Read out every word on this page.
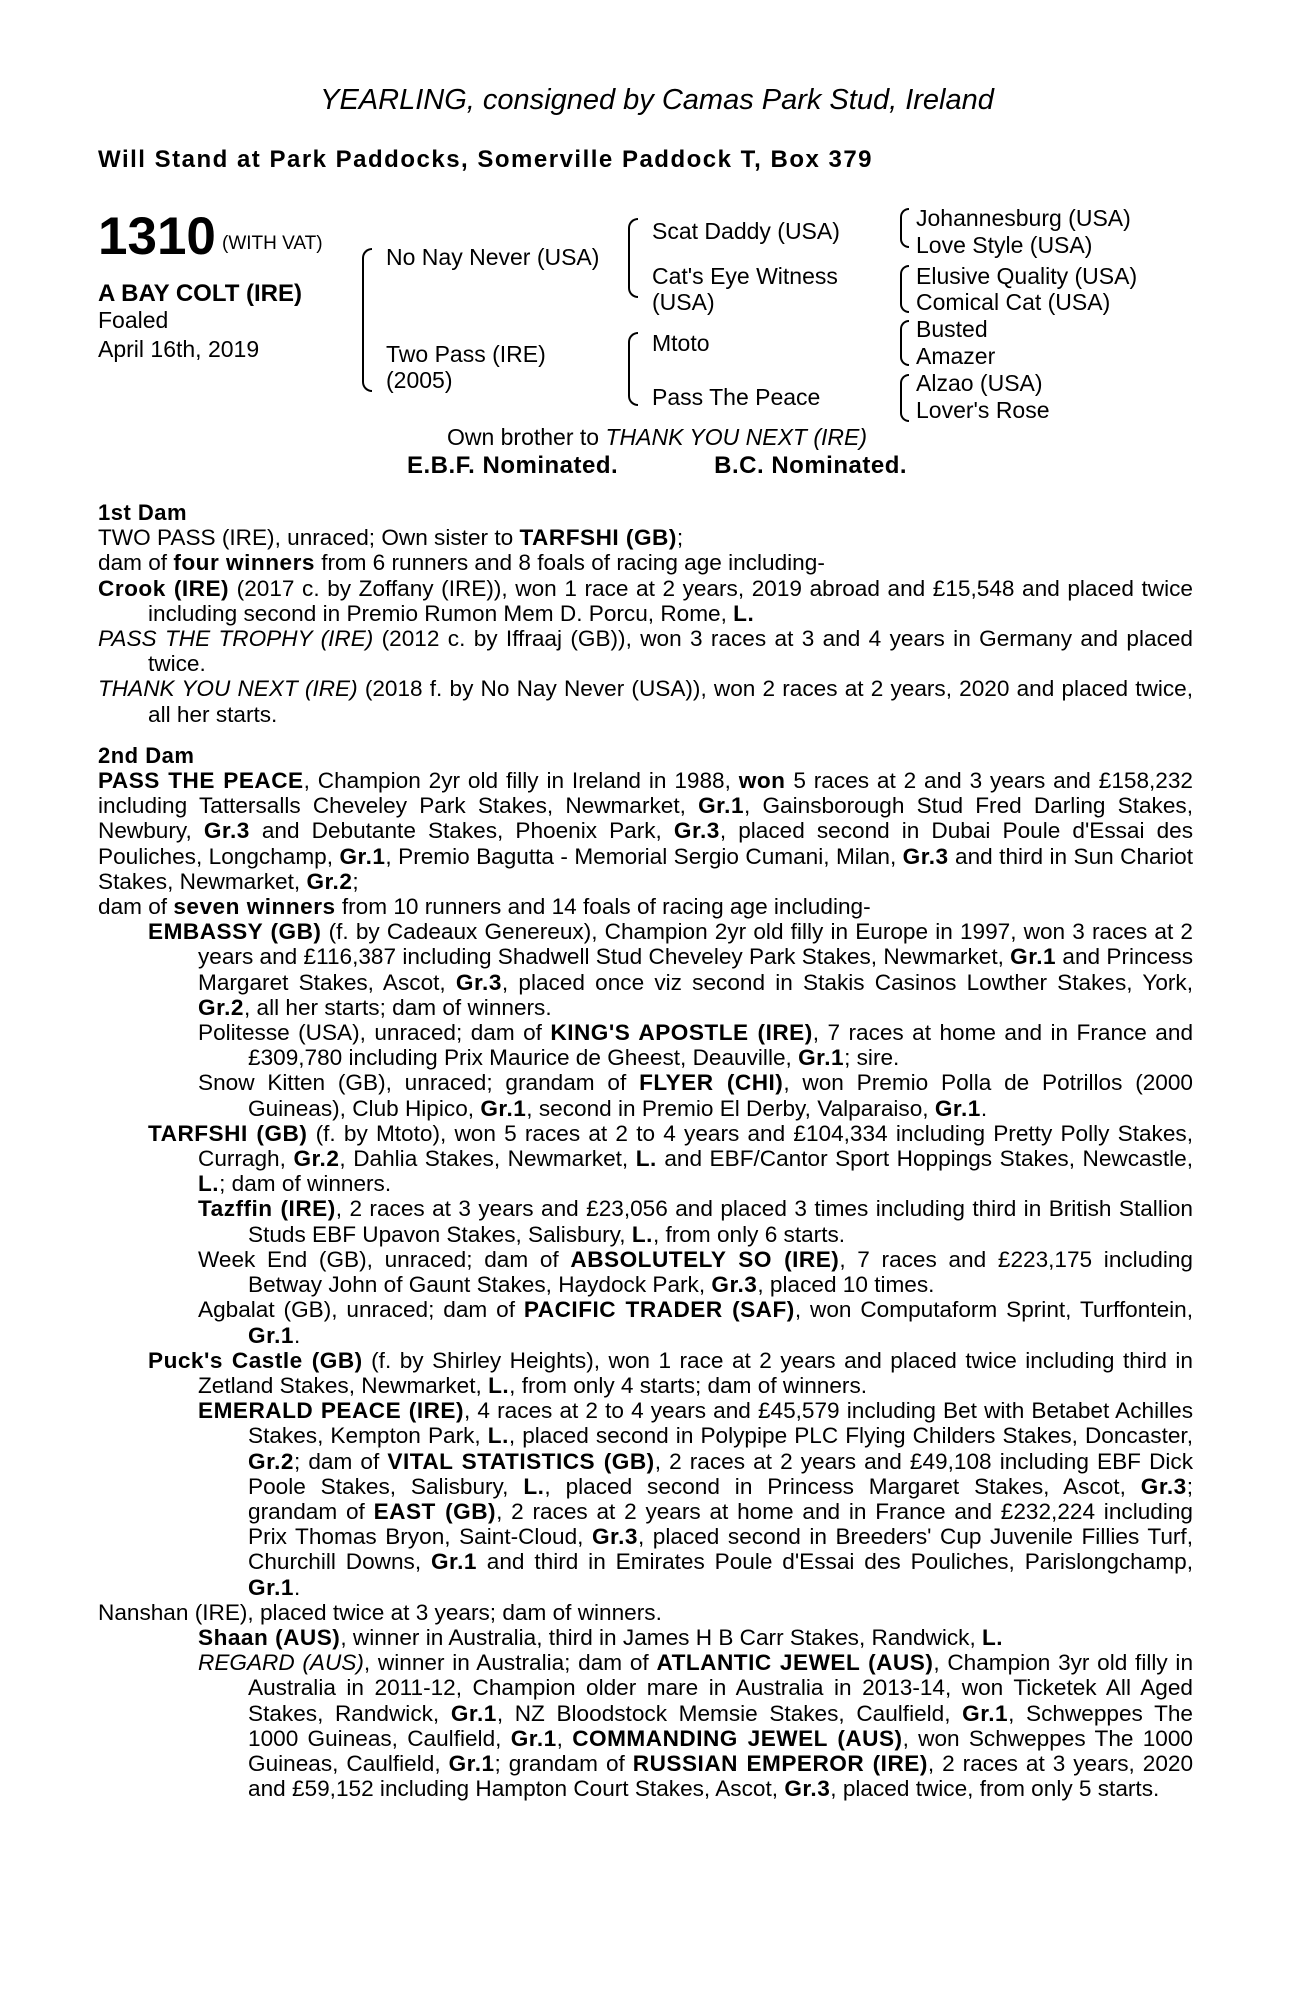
YEARLING, consigned by Camas Park Stud, Ireland
Will Stand at Park Paddocks, Somerville Paddock T, Box 379
1310 (WITH VAT)
A BAY COLT (IRE)
Foaled
April 16th, 2019
No Nay Never (USA)
Two Pass (IRE)
(2005)
Scat Daddy (USA)
Cat's Eye Witness
(USA)
Mtoto
Pass The Peace
Johannesburg (USA)
Love Style (USA)
Elusive Quality (USA)
Comical Cat (USA)
Busted
Amazer
Alzao (USA)
Lover's Rose
Own brother to THANK YOU NEXT (IRE)
E.B.F. Nominated.	B.C. Nominated.
1st Dam
TWO PASS (IRE), unraced; Own sister to TARFSHI (GB);
dam of four winners from 6 runners and 8 foals of racing age including-
Crook (IRE) (2017 c. by Zoffany (IRE)), won 1 race at 2 years, 2019 abroad and £15,548 and placed twice including second in Premio Rumon Mem D. Porcu, Rome, L.
PASS THE TROPHY (IRE) (2012 c. by Iffraaj (GB)), won 3 races at 3 and 4 years in Germany and placed twice.
THANK YOU NEXT (IRE) (2018 f. by No Nay Never (USA)), won 2 races at 2 years, 2020 and placed twice, all her starts.
2nd Dam
PASS THE PEACE, Champion 2yr old filly in Ireland in 1988, won 5 races at 2 and 3 years and £158,232 including Tattersalls Cheveley Park Stakes, Newmarket, Gr.1, Gainsborough Stud Fred Darling Stakes, Newbury, Gr.3 and Debutante Stakes, Phoenix Park, Gr.3, placed second in Dubai Poule d'Essai des Pouliches, Longchamp, Gr.1, Premio Bagutta - Memorial Sergio Cumani, Milan, Gr.3 and third in Sun Chariot Stakes, Newmarket, Gr.2;
dam of seven winners from 10 runners and 14 foals of racing age including-
EMBASSY (GB) (f. by Cadeaux Genereux), Champion 2yr old filly in Europe in 1997, won 3 races at 2 years and £116,387 including Shadwell Stud Cheveley Park Stakes, Newmarket, Gr.1 and Princess Margaret Stakes, Ascot, Gr.3, placed once viz second in Stakis Casinos Lowther Stakes, York, Gr.2, all her starts; dam of winners.
Politesse (USA), unraced; dam of KING'S APOSTLE (IRE), 7 races at home and in France and £309,780 including Prix Maurice de Gheest, Deauville, Gr.1; sire.
Snow Kitten (GB), unraced; grandam of FLYER (CHI), won Premio Polla de Potrillos (2000 Guineas), Club Hipico, Gr.1, second in Premio El Derby, Valparaiso, Gr.1.
TARFSHI (GB) (f. by Mtoto), won 5 races at 2 to 4 years and £104,334 including Pretty Polly Stakes, Curragh, Gr.2, Dahlia Stakes, Newmarket, L. and EBF/Cantor Sport Hoppings Stakes, Newcastle, L.; dam of winners.
Tazffin (IRE), 2 races at 3 years and £23,056 and placed 3 times including third in British Stallion Studs EBF Upavon Stakes, Salisbury, L., from only 6 starts.
Week End (GB), unraced; dam of ABSOLUTELY SO (IRE), 7 races and £223,175 including Betway John of Gaunt Stakes, Haydock Park, Gr.3, placed 10 times.
Agbalat (GB), unraced; dam of PACIFIC TRADER (SAF), won Computaform Sprint, Turffontein, Gr.1.
Puck's Castle (GB) (f. by Shirley Heights), won 1 race at 2 years and placed twice including third in Zetland Stakes, Newmarket, L., from only 4 starts; dam of winners.
EMERALD PEACE (IRE), 4 races at 2 to 4 years and £45,579 including Bet with Betabet Achilles Stakes, Kempton Park, L., placed second in Polypipe PLC Flying Childers Stakes, Doncaster, Gr.2; dam of VITAL STATISTICS (GB), 2 races at 2 years and £49,108 including EBF Dick Poole Stakes, Salisbury, L., placed second in Princess Margaret Stakes, Ascot, Gr.3; grandam of EAST (GB), 2 races at 2 years at home and in France and £232,224 including Prix Thomas Bryon, Saint-Cloud, Gr.3, placed second in Breeders' Cup Juvenile Fillies Turf, Churchill Downs, Gr.1 and third in Emirates Poule d'Essai des Pouliches, Parislongchamp, Gr.1.
Nanshan (IRE), placed twice at 3 years; dam of winners.
Shaan (AUS), winner in Australia, third in James H B Carr Stakes, Randwick, L.
REGARD (AUS), winner in Australia; dam of ATLANTIC JEWEL (AUS), Champion 3yr old filly in Australia in 2011-12, Champion older mare in Australia in 2013-14, won Ticketek All Aged Stakes, Randwick, Gr.1, NZ Bloodstock Memsie Stakes, Caulfield, Gr.1, Schweppes The 1000 Guineas, Caulfield, Gr.1, COMMANDING JEWEL (AUS), won Schweppes The 1000 Guineas, Caulfield, Gr.1; grandam of RUSSIAN EMPEROR (IRE), 2 races at 3 years, 2020 and £59,152 including Hampton Court Stakes, Ascot, Gr.3, placed twice, from only 5 starts.
